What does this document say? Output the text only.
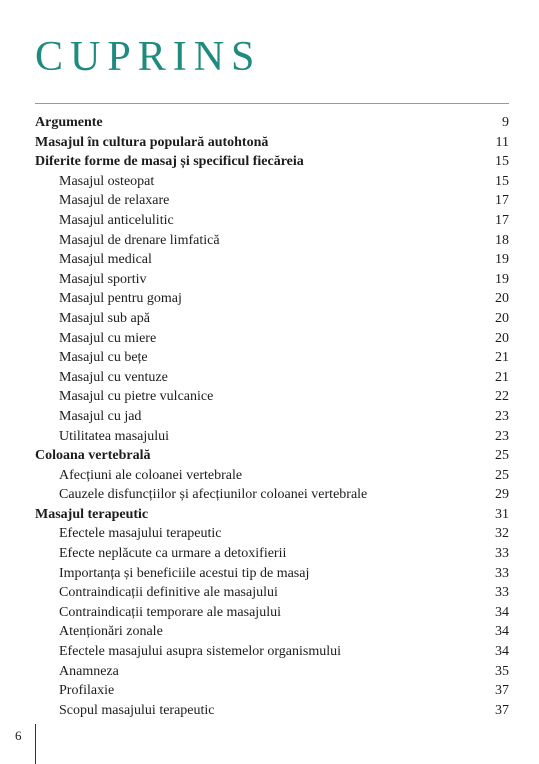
CUPRINS
Argumente	9
Masajul în cultura populară autohtonă	11
Diferite forme de masaj și specificul fiecăreia	15
Masajul osteopat	15
Masajul de relaxare	17
Masajul anticelulitic	17
Masajul de drenare limfatică	18
Masajul medical	19
Masajul sportiv	19
Masajul pentru gomaj	20
Masajul sub apă	20
Masajul cu miere	20
Masajul cu bețe	21
Masajul cu ventuze	21
Masajul cu pietre vulcanice	22
Masajul cu jad	23
Utilitatea masajului	23
Coloana vertebrală	25
Afecțiuni ale coloanei vertebrale	25
Cauzele disfuncțiilor și afecțiunilor coloanei vertebrale	29
Masajul terapeutic	31
Efectele masajului terapeutic	32
Efecte neplăcute ca urmare a detoxifierii	33
Importanța și beneficiile acestui tip de masaj	33
Contraindicații definitive ale masajului	33
Contraindicații temporare ale masajului	34
Atenționări zonale	34
Efectele masajului asupra sistemelor organismului	34
Anamneza	35
Profilaxie	37
Scopul masajului terapeutic	37
6
